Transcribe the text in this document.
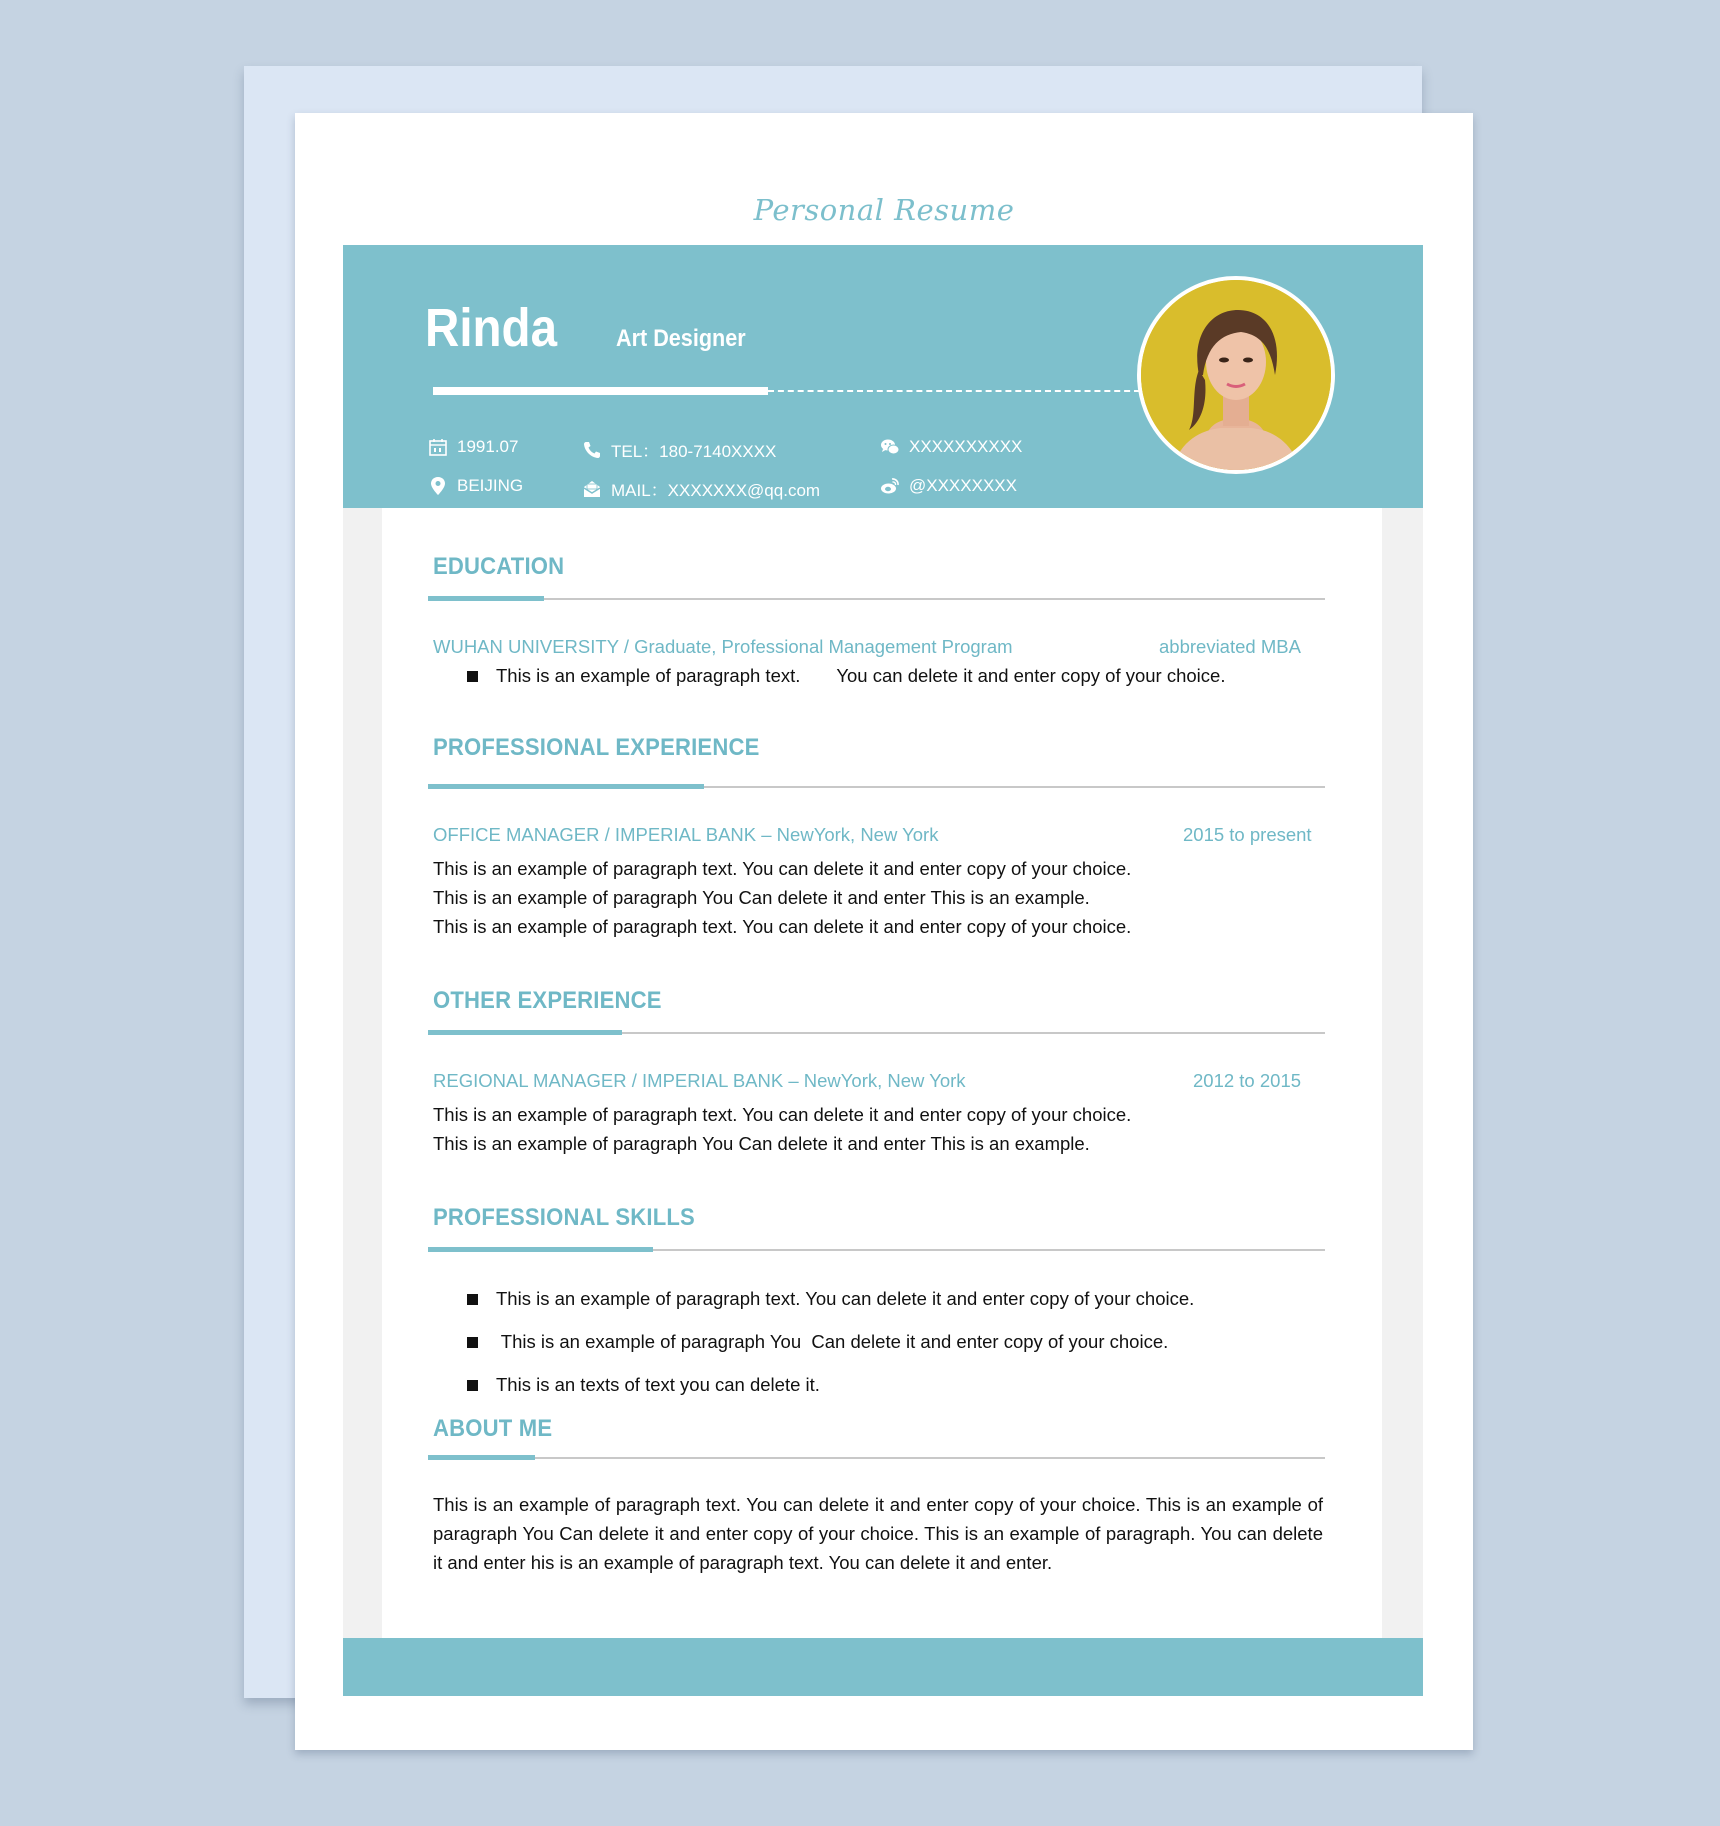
Personal Resume
Rinda Art Designer
1991.07
BEIJING
TEL：180-7140XXXX
MAIL：XXXXXXX@qq.com
XXXXXXXXXX
@XXXXXXXX
EDUCATION
WUHAN UNIVERSITY / Graduate, Professional Management Program	abbreviated MBA
This is an example of paragraph text.       You can delete it and enter copy of your choice.
PROFESSIONAL EXPERIENCE
OFFICE MANAGER / IMPERIAL BANK – NewYork, New York	2015 to present
This is an example of paragraph text. You can delete it and enter copy of your choice.
This is an example of paragraph You Can delete it and enter This is an example.
This is an example of paragraph text. You can delete it and enter copy of your choice.
OTHER EXPERIENCE
REGIONAL MANAGER / IMPERIAL BANK – NewYork, New York	2012 to 2015
This is an example of paragraph text. You can delete it and enter copy of your choice.
This is an example of paragraph You Can delete it and enter This is an example.
PROFESSIONAL SKILLS
This is an example of paragraph text. You can delete it and enter copy of your choice.
This is an example of paragraph You  Can delete it and enter copy of your choice.
This is an texts of text you can delete it.
ABOUT ME
This is an example of paragraph text. You can delete it and enter copy of your choice. This is an example of paragraph You Can delete it and enter copy of your choice. This is an example of paragraph. You can delete it and enter his is an example of paragraph text. You can delete it and enter.
